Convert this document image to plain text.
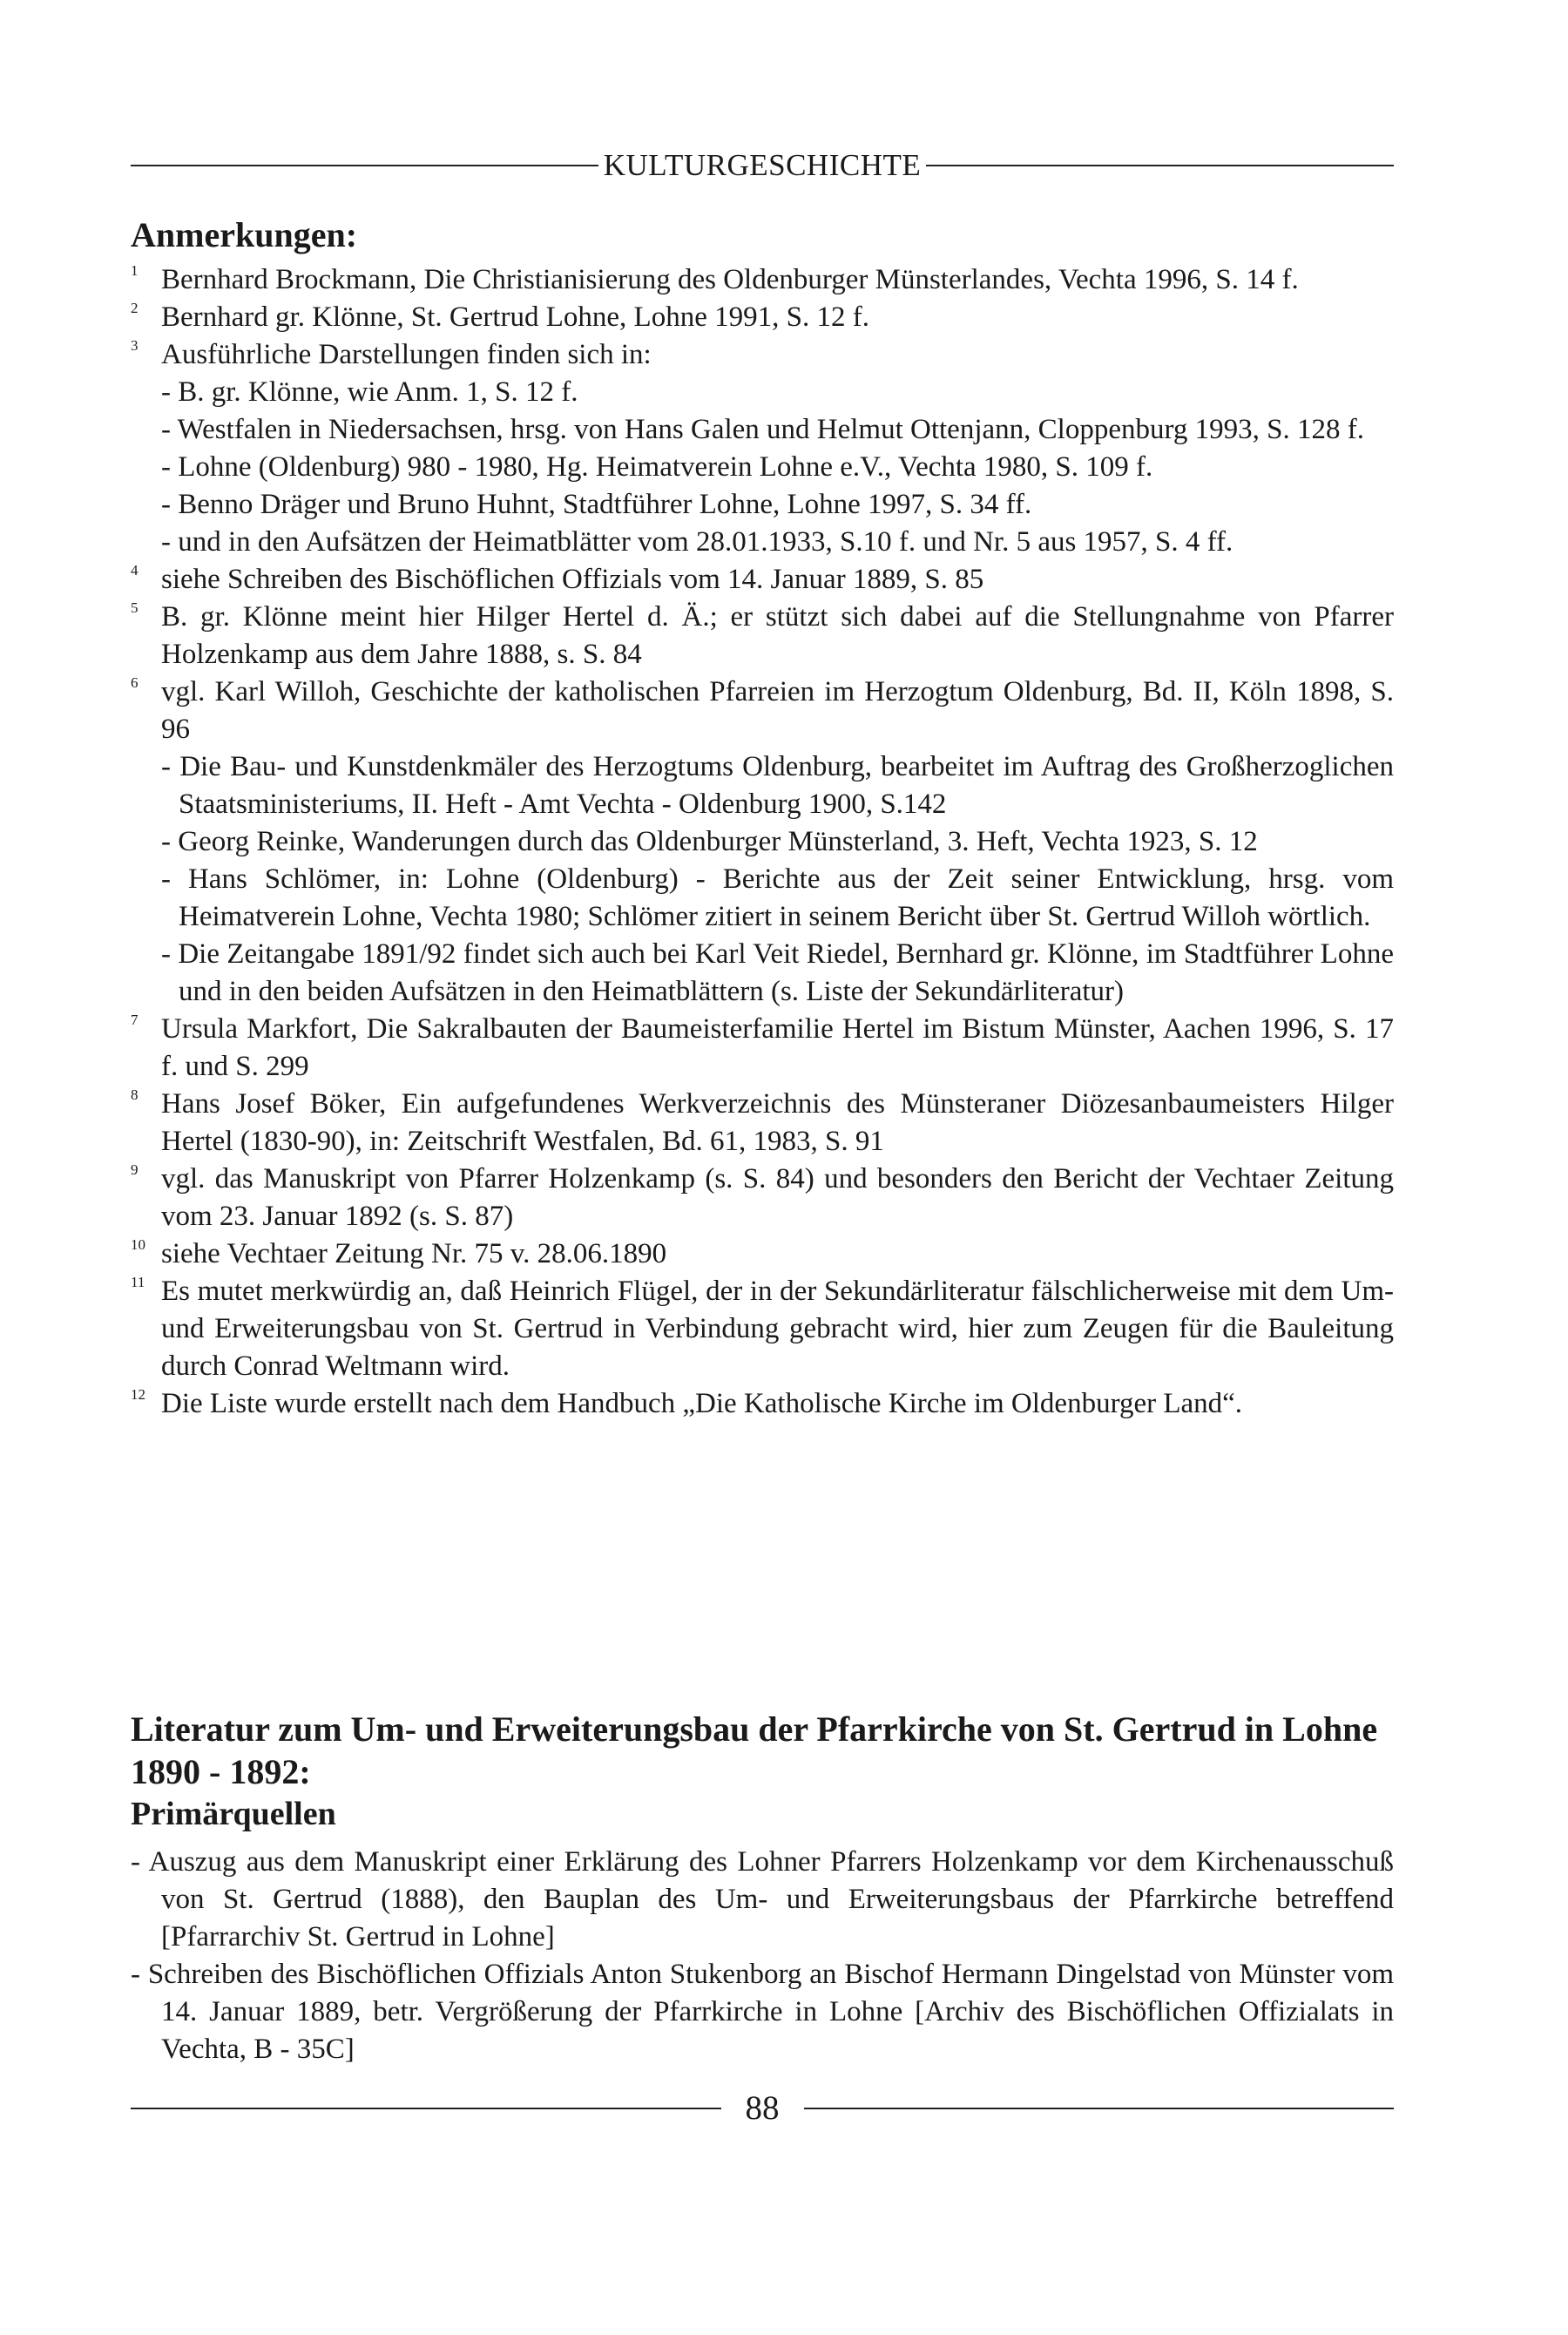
KULTURGESCHICHTE
Anmerkungen:
1 Bernhard Brockmann, Die Christianisierung des Oldenburger Münsterlandes, Vechta 1996, S. 14 f.
2 Bernhard gr. Klönne, St. Gertrud Lohne, Lohne 1991, S. 12 f.
3 Ausführliche Darstellungen finden sich in:
- B. gr. Klönne, wie Anm. 1, S. 12 f.
- Westfalen in Niedersachsen, hrsg. von Hans Galen und Helmut Ottenjann, Cloppenburg 1993, S. 128 f.
- Lohne (Oldenburg) 980 - 1980, Hg. Heimatverein Lohne e.V., Vechta 1980, S. 109 f.
- Benno Dräger und Bruno Huhnt, Stadtführer Lohne, Lohne 1997, S. 34 ff.
- und in den Aufsätzen der Heimatblätter vom 28.01.1933, S.10 f. und Nr. 5 aus 1957, S. 4 ff.
4 siehe Schreiben des Bischöflichen Offizials vom 14. Januar 1889, S. 85
5 B. gr. Klönne meint hier Hilger Hertel d. Ä.; er stützt sich dabei auf die Stellungnahme von Pfarrer Holzenkamp aus dem Jahre 1888, s. S. 84
6 vgl. Karl Willoh, Geschichte der katholischen Pfarreien im Herzogtum Oldenburg, Bd. II, Köln 1898, S. 96
- Die Bau- und Kunstdenkmäler des Herzogtums Oldenburg, bearbeitet im Auftrag des Großherzoglichen Staatsministeriums, II. Heft - Amt Vechta - Oldenburg 1900, S.142
- Georg Reinke, Wanderungen durch das Oldenburger Münsterland, 3. Heft, Vechta 1923, S. 12
- Hans Schlömer, in: Lohne (Oldenburg) - Berichte aus der Zeit seiner Entwicklung, hrsg. vom Heimatverein Lohne, Vechta 1980; Schlömer zitiert in seinem Bericht über St. Gertrud Willoh wörtlich.
- Die Zeitangabe 1891/92 findet sich auch bei Karl Veit Riedel, Bernhard gr. Klönne, im Stadtführer Lohne und in den beiden Aufsätzen in den Heimatblättern (s. Liste der Sekundärliteratur)
7 Ursula Markfort, Die Sakralbauten der Baumeisterfamilie Hertel im Bistum Münster, Aachen 1996, S. 17 f. und S. 299
8 Hans Josef Böker, Ein aufgefundenes Werkverzeichnis des Münsteraner Diözesanbaumeisters Hilger Hertel (1830-90), in: Zeitschrift Westfalen, Bd. 61, 1983, S. 91
9 vgl. das Manuskript von Pfarrer Holzenkamp (s. S. 84) und besonders den Bericht der Vechtaer Zeitung vom 23. Januar 1892 (s. S. 87)
10 siehe Vechtaer Zeitung Nr. 75 v. 28.06.1890
11 Es mutet merkwürdig an, daß Heinrich Flügel, der in der Sekundärliteratur fälschlicherweise mit dem Um- und Erweiterungsbau von St. Gertrud in Verbindung gebracht wird, hier zum Zeugen für die Bauleitung durch Conrad Weltmann wird.
12 Die Liste wurde erstellt nach dem Handbuch „Die Katholische Kirche im Oldenburger Land“.
Literatur zum Um- und Erweiterungsbau der Pfarrkirche von St. Gertrud in Lohne 1890 - 1892:
Primärquellen
- Auszug aus dem Manuskript einer Erklärung des Lohner Pfarrers Holzenkamp vor dem Kirchenausschuß von St. Gertrud (1888), den Bauplan des Um- und Erweiterungsbaus der Pfarrkirche betreffend [Pfarrarchiv St. Gertrud in Lohne]
- Schreiben des Bischöflichen Offizials Anton Stukenborg an Bischof Hermann Dingelstad von Münster vom 14. Januar 1889, betr. Vergrößerung der Pfarrkirche in Lohne [Archiv des Bischöflichen Offizialats in Vechta, B - 35C]
88
